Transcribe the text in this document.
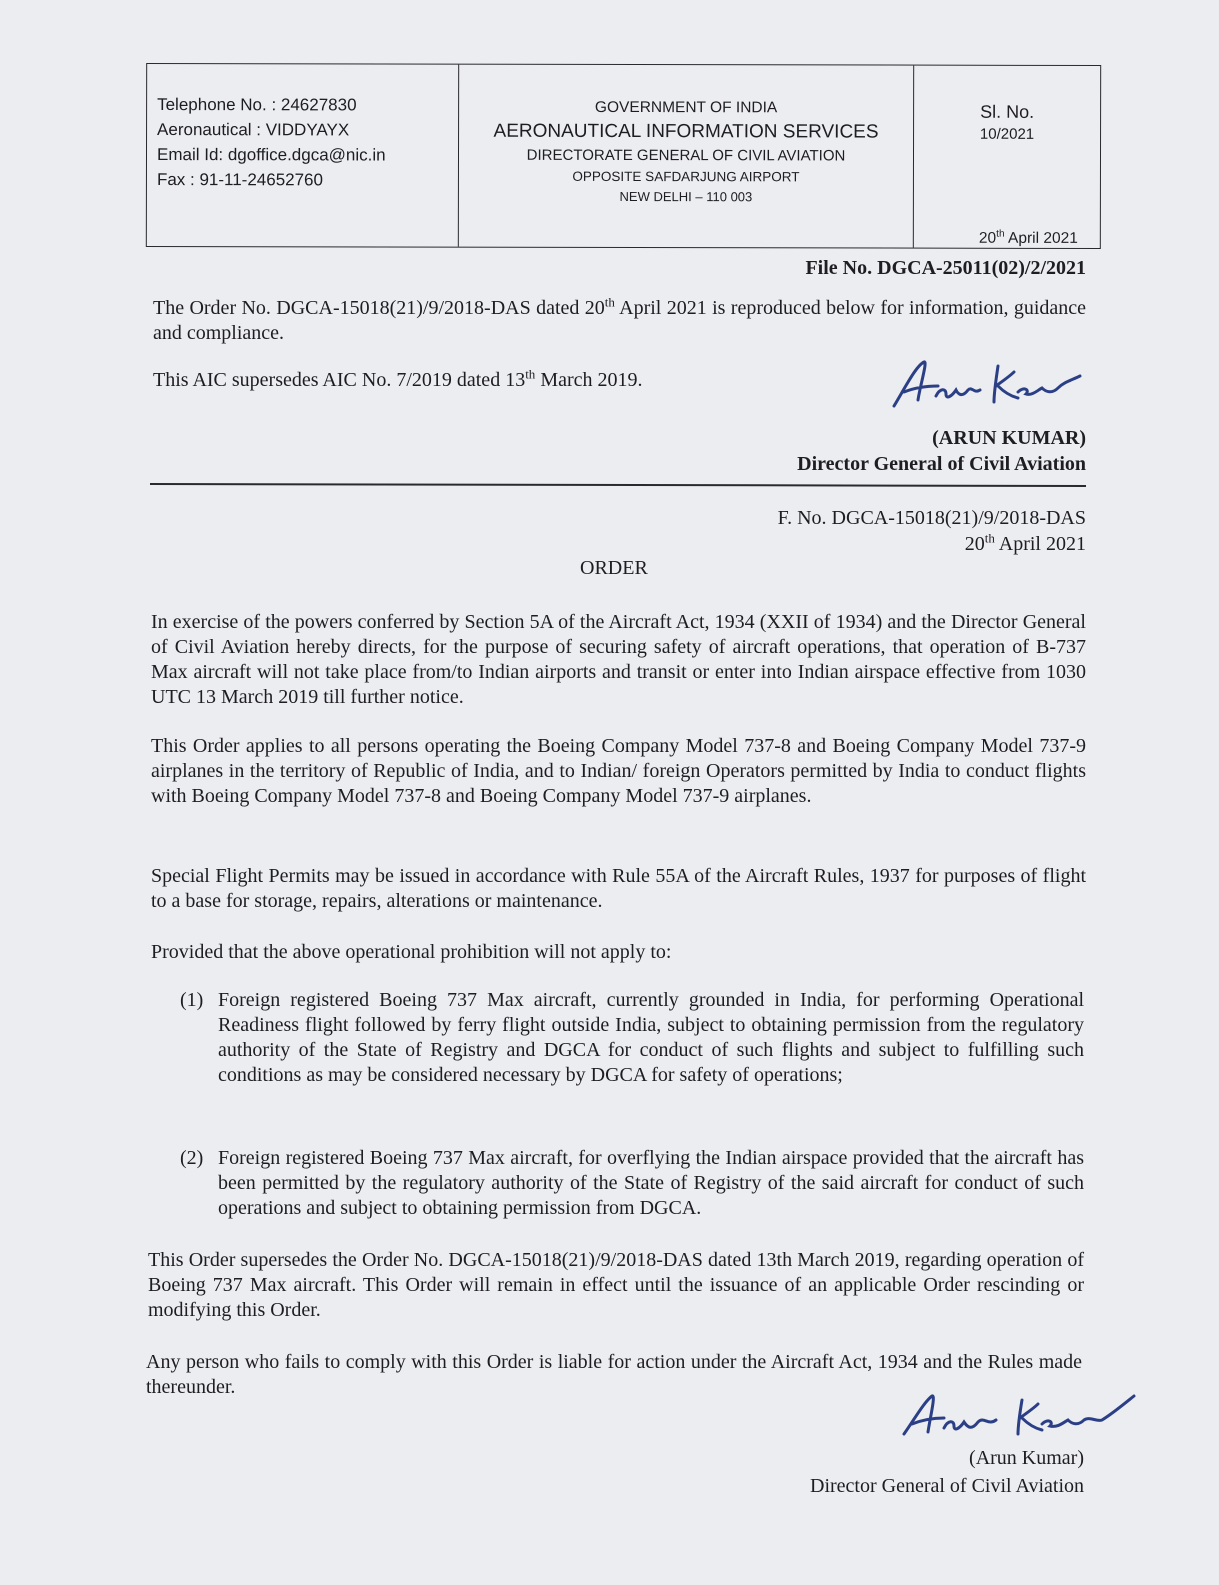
Telephone No. : 24627830
Aeronautical : VIDDYAYX
Email Id: dgoffice.dgca@nic.in
Fax : 91-11-24652760
GOVERNMENT OF INDIA
AERONAUTICAL INFORMATION SERVICES
DIRECTORATE GENERAL OF CIVIL AVIATION
OPPOSITE SAFDARJUNG AIRPORT
NEW DELHI – 110 003
Sl. No.
10/2021
20th April 2021
File No. DGCA-25011(02)/2/2021
The Order No. DGCA-15018(21)/9/2018-DAS dated 20th April 2021 is reproduced below for information, guidance and compliance.
This AIC supersedes AIC No. 7/2019 dated 13th March 2019.
(ARUN KUMAR)
Director General of Civil Aviation
F. No. DGCA-15018(21)/9/2018-DAS
20th April 2021
ORDER
In exercise of the powers conferred by Section 5A of the Aircraft Act, 1934 (XXII of 1934) and the Director General of Civil Aviation hereby directs, for the purpose of securing safety of aircraft operations, that operation of B-737 Max aircraft will not take place from/to Indian airports and transit or enter into Indian airspace effective from 1030 UTC 13 March 2019 till further notice.
This Order applies to all persons operating the Boeing Company Model 737-8 and Boeing Company Model 737-9 airplanes in the territory of Republic of India, and to Indian/ foreign Operators permitted by India to conduct flights with Boeing Company Model 737-8 and Boeing Company Model 737-9 airplanes.
Special Flight Permits may be issued in accordance with Rule 55A of the Aircraft Rules, 1937 for purposes of flight to a base for storage, repairs, alterations or maintenance.
Provided that the above operational prohibition will not apply to:
(1) Foreign registered Boeing 737 Max aircraft, currently grounded in India, for performing Operational Readiness flight followed by ferry flight outside India, subject to obtaining permission from the regulatory authority of the State of Registry and DGCA for conduct of such flights and subject to fulfilling such conditions as may be considered necessary by DGCA for safety of operations;
(2) Foreign registered Boeing 737 Max aircraft, for overflying the Indian airspace provided that the aircraft has been permitted by the regulatory authority of the State of Registry of the said aircraft for conduct of such operations and subject to obtaining permission from DGCA.
This Order supersedes the Order No. DGCA-15018(21)/9/2018-DAS dated 13th March 2019, regarding operation of Boeing 737 Max aircraft. This Order will remain in effect until the issuance of an applicable Order rescinding or modifying this Order.
Any person who fails to comply with this Order is liable for action under the Aircraft Act, 1934 and the Rules made thereunder.
(Arun Kumar)
Director General of Civil Aviation
